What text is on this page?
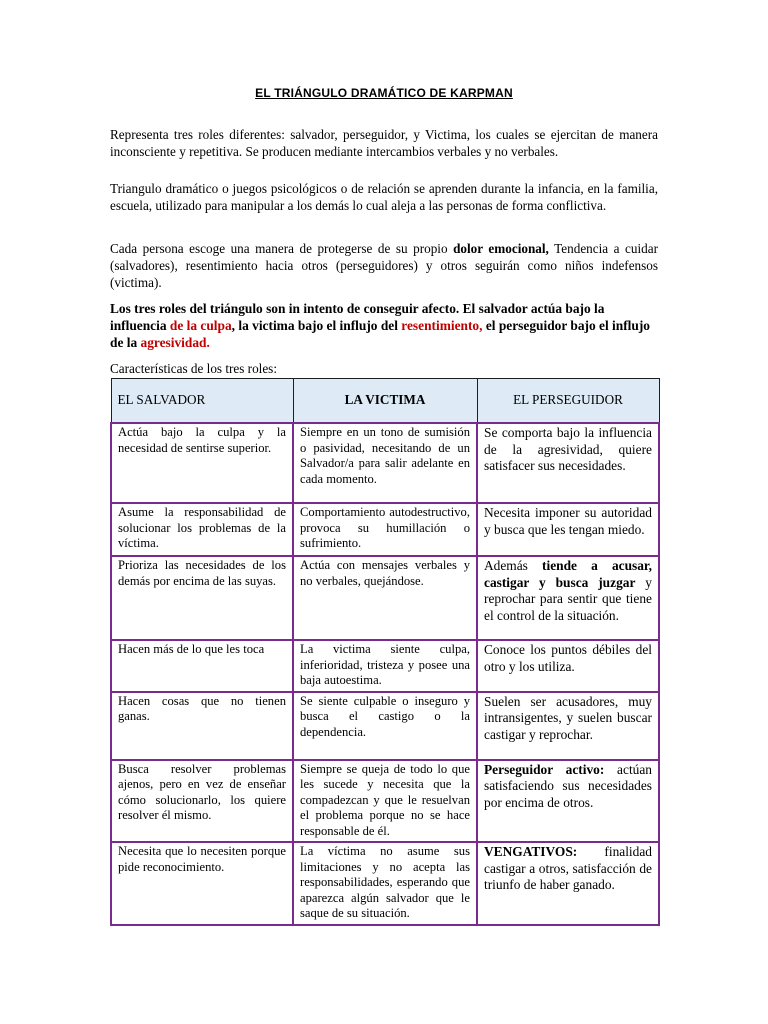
EL TRIÁNGULO DRAMÁTICO DE KARPMAN

Representa tres roles diferentes: salvador, perseguidor, y Victima, los cuales se ejercitan de manera inconsciente y repetitiva. Se producen mediante intercambios verbales y no verbales.

Triangulo dramático o juegos psicológicos o de relación se aprenden durante la infancia, en la familia, escuela, utilizado para manipular a los demás lo cual aleja a las personas de forma conflictiva.

Cada persona escoge una manera de protegerse de su propio dolor emocional, Tendencia a cuidar (salvadores), resentimiento hacia otros (perseguidores) y otros seguirán como niños indefensos (victima).

Los tres roles del triángulo son in intento de conseguir afecto. El salvador actúa bajo la influencia de la culpa, la victima bajo el influjo del resentimiento, el perseguidor bajo el influjo de la agresividad.

Características de los tres roles:
EL SALVADOR	LA VICTIMA	EL PERSEGUIDOR
Actúa bajo la culpa y la necesidad de sentirse superior.	Siempre en un tono de sumisión o pasividad, necesitando de un Salvador/a para salir adelante en cada momento.	Se comporta bajo la influencia de la agresividad, quiere satisfacer sus necesidades.
Asume la responsabilidad de solucionar los problemas de la víctima.	Comportamiento autodestructivo, provoca su humillación o sufrimiento.	Necesita imponer su autoridad y busca que les tengan miedo.
Prioriza las necesidades de los demás por encima de las suyas.	Actúa con mensajes verbales y no verbales, quejándose.	Además tiende a acusar, castigar y busca juzgar y reprochar para sentir que tiene el control de la situación.
Hacen más de lo que les toca	La victima siente culpa, inferioridad, tristeza y posee una baja autoestima.	Conoce los puntos débiles del otro y los utiliza.
Hacen cosas que no tienen ganas.	Se siente culpable o inseguro y busca el castigo o la dependencia.	Suelen ser acusadores, muy intransigentes, y suelen buscar castigar y reprochar.
Busca resolver problemas ajenos, pero en vez de enseñar cómo solucionarlo, los quiere resolver él mismo.	Siempre se queja de todo lo que les sucede y necesita que la compadezcan y que le resuelvan el problema porque no se hace responsable de él.	Perseguidor activo: actúan satisfaciendo sus necesidades por encima de otros.
Necesita que lo necesiten porque pide reconocimiento.	La víctima no asume sus limitaciones y no acepta las responsabilidades, esperando que aparezca algún salvador que le saque de su situación.	VENGATIVOS: finalidad castigar a otros, satisfacción de triunfo de haber ganado.
